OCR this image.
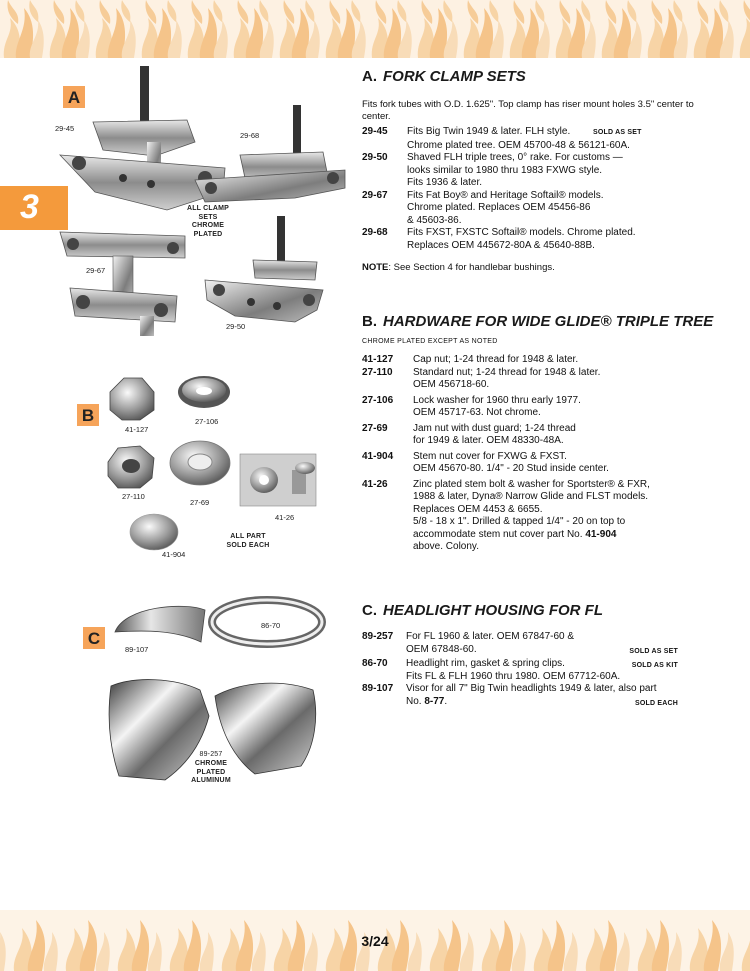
3
A
B
C
29-45
29-68
29-67
29-50
ALL CLAMP
SETS
CHROME
PLATED
41-127
27-106
27-110
27-69
41-26
41-904
ALL PART
SOLD EACH
86-70
89-107
89-257
CHROME
PLATED
ALUMINUM
A. FORK CLAMP SETS

Fits fork tubes with O.D. 1.625". Top clamp has riser mount holes 3.5" center to center.

29-45	Fits Big Twin 1949 & later. FLH style.	SOLD AS SET
Chrome plated tree. OEM 45700-48 & 56121-60A.
29-50	Shaved FLH triple trees, 0° rake. For customs —
looks similar to 1980 thru 1983 FXWG style.
Fits 1936 & later.
29-67	Fits Fat Boy® and Heritage Softail® models.
Chrome plated. Replaces OEM 45456-86
& 45603-86.
29-68	Fits FXST, FXSTC Softail® models. Chrome plated.
Replaces OEM 445672-80A & 45640-88B.

NOTE: See Section 4 for handlebar bushings.

B. HARDWARE FOR WIDE GLIDE® TRIPLE TREE

CHROME PLATED EXCEPT AS NOTED

41-127	Cap nut; 1-24 thread for 1948 & later.
27-110	Standard nut; 1-24 thread for 1948 & later.
OEM 456718-60.
27-106	Lock washer for 1960 thru early 1977.
OEM 45717-63. Not chrome.
27-69	Jam nut with dust guard; 1-24 thread
for 1949 & later. OEM 48330-48A.
41-904	Stem nut cover for FXWG & FXST.
OEM 45670-80. 1/4" - 20 Stud inside center.
41-26	Zinc plated stem bolt & washer for Sportster® & FXR,
1988 & later, Dyna® Narrow Glide and FLST models.
Replaces OEM 4453 & 6655.
5/8 - 18 x 1". Drilled & tapped 1/4" - 20 on top to
accommodate stem nut cover part No. 41-904
above. Colony.
C. HEADLIGHT HOUSING FOR FL
89-257	For FL 1960 & later. OEM 67847-60 &
OEM 67848-60.	SOLD AS SET
86-70	Headlight rim, gasket & spring clips.	SOLD AS KIT

Fits FL & FLH 1960 thru 1980. OEM 67712-60A.
89-107	Visor for all 7" Big Twin headlights 1949 & later, also part
No. 8-77.	SOLD EACH
3/24
